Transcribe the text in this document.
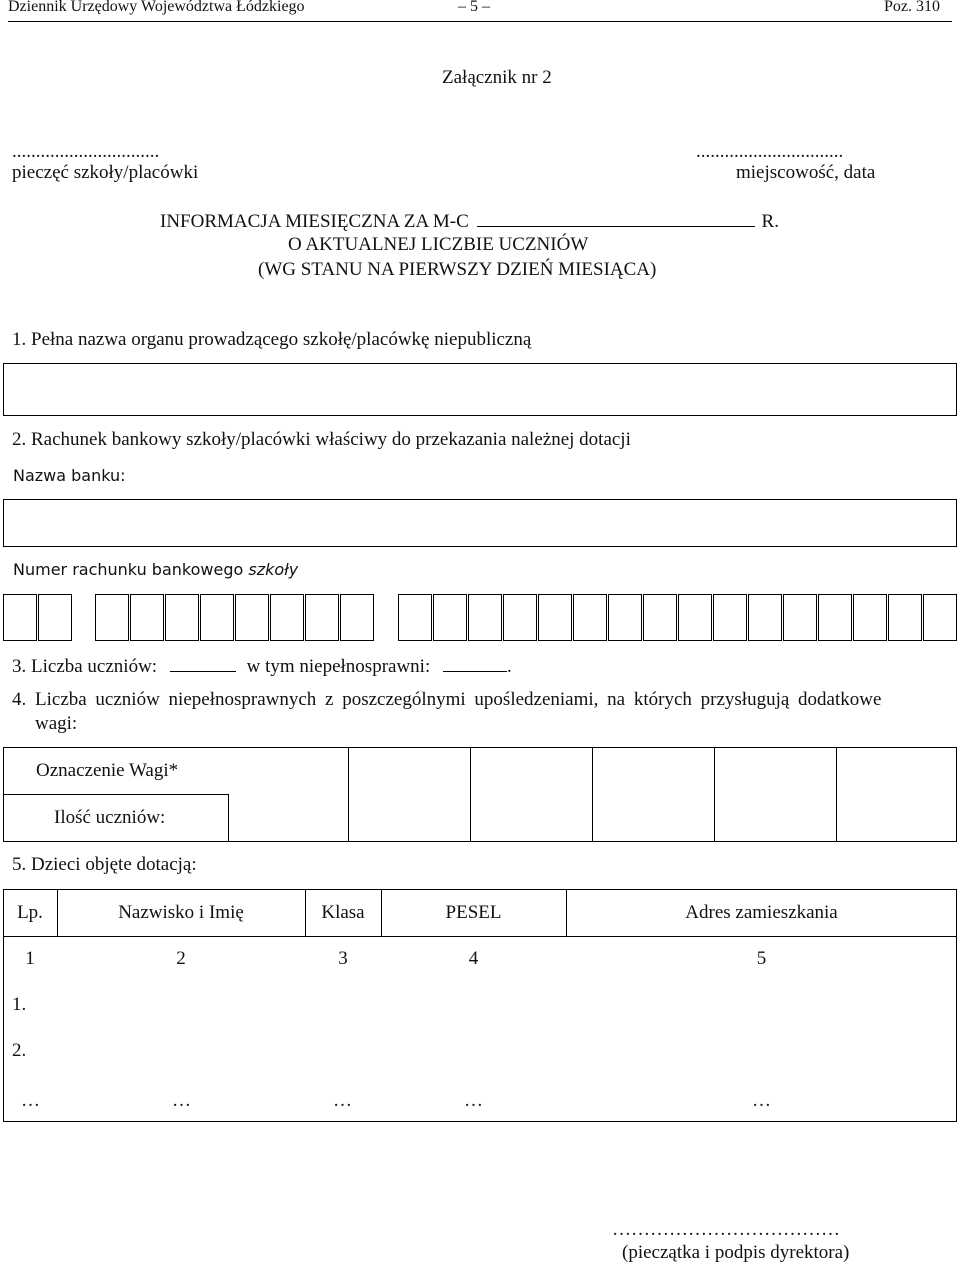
Dziennik Urzędowy Województwa Łódzkiego	– 5 –	Poz. 310
Załącznik nr 2
...............................
pieczęć szkoły/placówki
...............................
miejscowość, data
INFORMACJA MIESIĘCZNA ZA M-C	R.
O AKTUALNEJ LICZBIE UCZNIÓW
(WG STANU NA PIERWSZY DZIEŃ MIESIĄCA)
1. Pełna nazwa organu prowadzącego szkołę/placówkę niepubliczną
2. Rachunek bankowy szkoły/placówki właściwy do przekazania należnej dotacji
Nazwa banku:
Numer rachunku bankowego szkoły
3. Liczba uczniów:	w tym niepełnosprawni:	.
4. Liczba uczniów niepełnosprawnych z poszczególnymi upośledzeniami, na których przysługują dodatkowe
wagi:
Oznaczenie Wagi*
Ilość uczniów:
5. Dzieci objęte dotacją:
Lp.	Nazwisko i Imię	Klasa	PESEL	Adres zamieszkania
1	2	3	4	5
1.
2.
…	…	…	…	…
………………………………
(pieczątka i podpis dyrektora)
